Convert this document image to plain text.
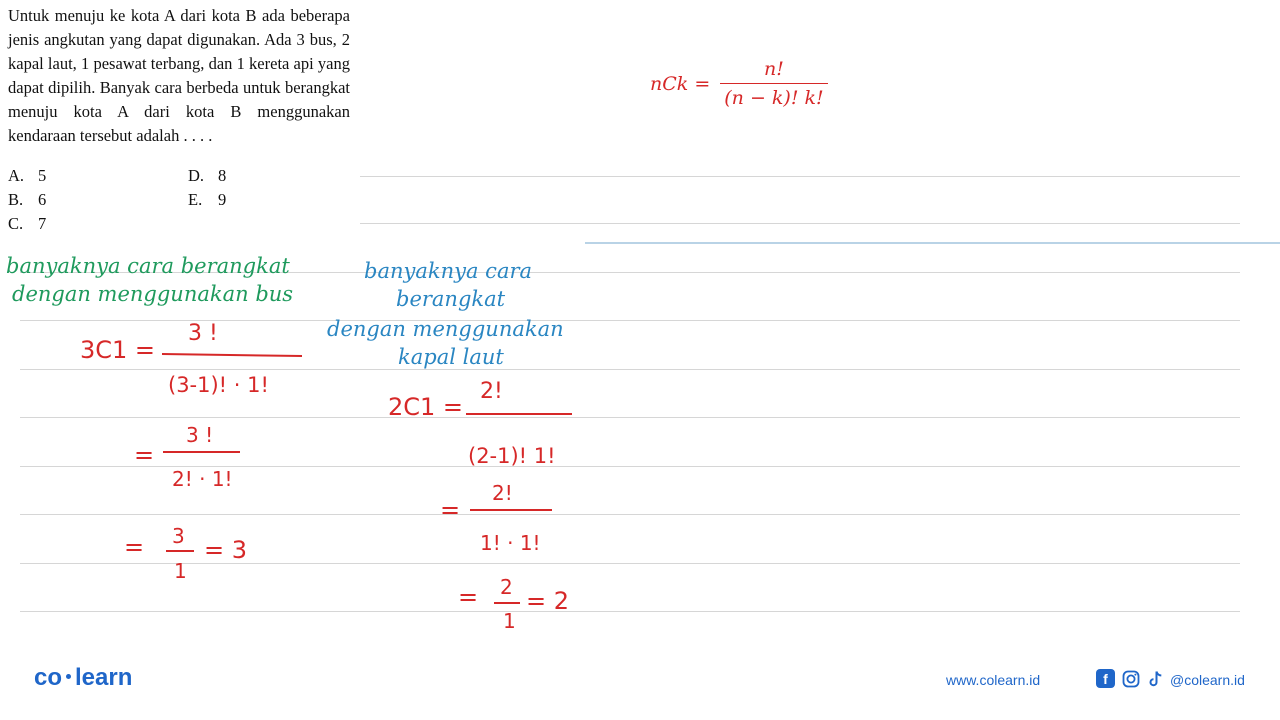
Untuk menuju ke kota A dari kota B ada beberapa jenis angkutan yang dapat digunakan. Ada 3 bus, 2 kapal laut, 1 pesawat terbang, dan 1 kereta api yang dapat dipilih. Banyak cara berbeda untuk berangkat menuju kota A dari kota B menggunakan kendaraan tersebut adalah . . . .

A. 5
B. 6
C. 7
D. 8
E. 9
nCk = $\frac{n!}{(n - k)! k!}$
banyaknya cara berangkat
dengan menggunakan bus
banyaknya cara
berangkat
dengan menggunakan
kapal laut
3C1 =
3 !
(3-1)! · 1!
=
3 !
2! · 1!
= 3
1
= 3
2C1 =
2!
(2-1)! 1!
=
2!
1! · 1!
= 2
1
= 2
co learn	www.colearn.id	f	@colearn.id
